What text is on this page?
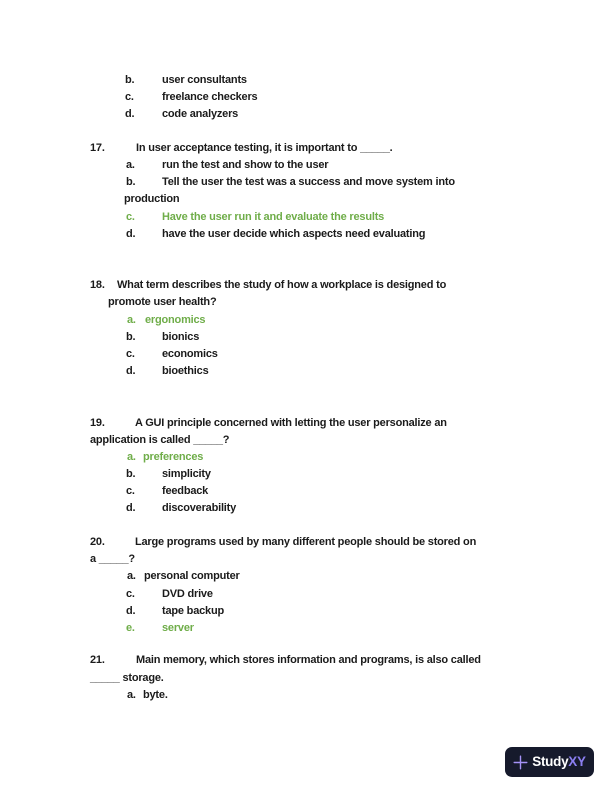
b.	user consultants
c.	freelance checkers
d.	code analyzers
17.	In user acceptance testing, it is important to _____.
a. run the test and show to the user
b. Tell the user the test was a success and move system into
production
c. Have the user run it and evaluate the results
d. have the user decide which aspects need evaluating
18. What term describes the study of how a workplace is designed to
promote user health?
a. ergonomics
b. bionics
c. economics
d. bioethics
19.	A GUI principle concerned with letting the user personalize an
application is called _____?
a. preferences
b. simplicity
c. feedback
d. discoverability
20.	Large programs used by many different people should be stored on
a _____?
a. personal computer
c. DVD drive
d. tape backup
e. server
21.	Main memory, which stores information and programs, is also called
_____ storage.
a. byte.
StudyXY
